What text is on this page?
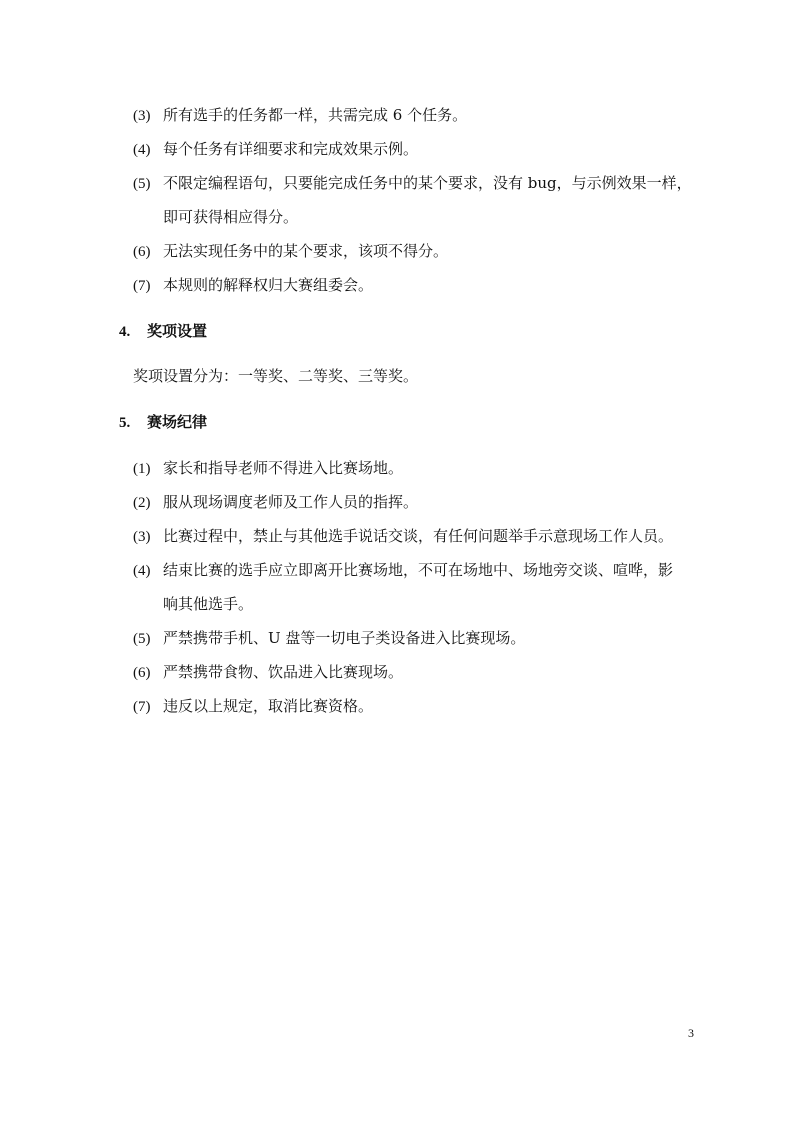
(3) 所有选手的任务都一样，共需完成 6 个任务。
(4) 每个任务有详细要求和完成效果示例。
(5) 不限定编程语句，只要能完成任务中的某个要求，没有 bug，与示例效果一样，
即可获得相应得分。
(6) 无法实现任务中的某个要求，该项不得分。
(7) 本规则的解释权归大赛组委会。
4. 奖项设置
奖项设置分为：一等奖、二等奖、三等奖。
5. 赛场纪律
(1) 家长和指导老师不得进入比赛场地。
(2) 服从现场调度老师及工作人员的指挥。
(3) 比赛过程中，禁止与其他选手说话交谈，有任何问题举手示意现场工作人员。
(4) 结束比赛的选手应立即离开比赛场地，不可在场地中、场地旁交谈、喧哗，影
响其他选手。
(5) 严禁携带手机、U 盘等一切电子类设备进入比赛现场。
(6) 严禁携带食物、饮品进入比赛现场。
(7) 违反以上规定，取消比赛资格。
3
